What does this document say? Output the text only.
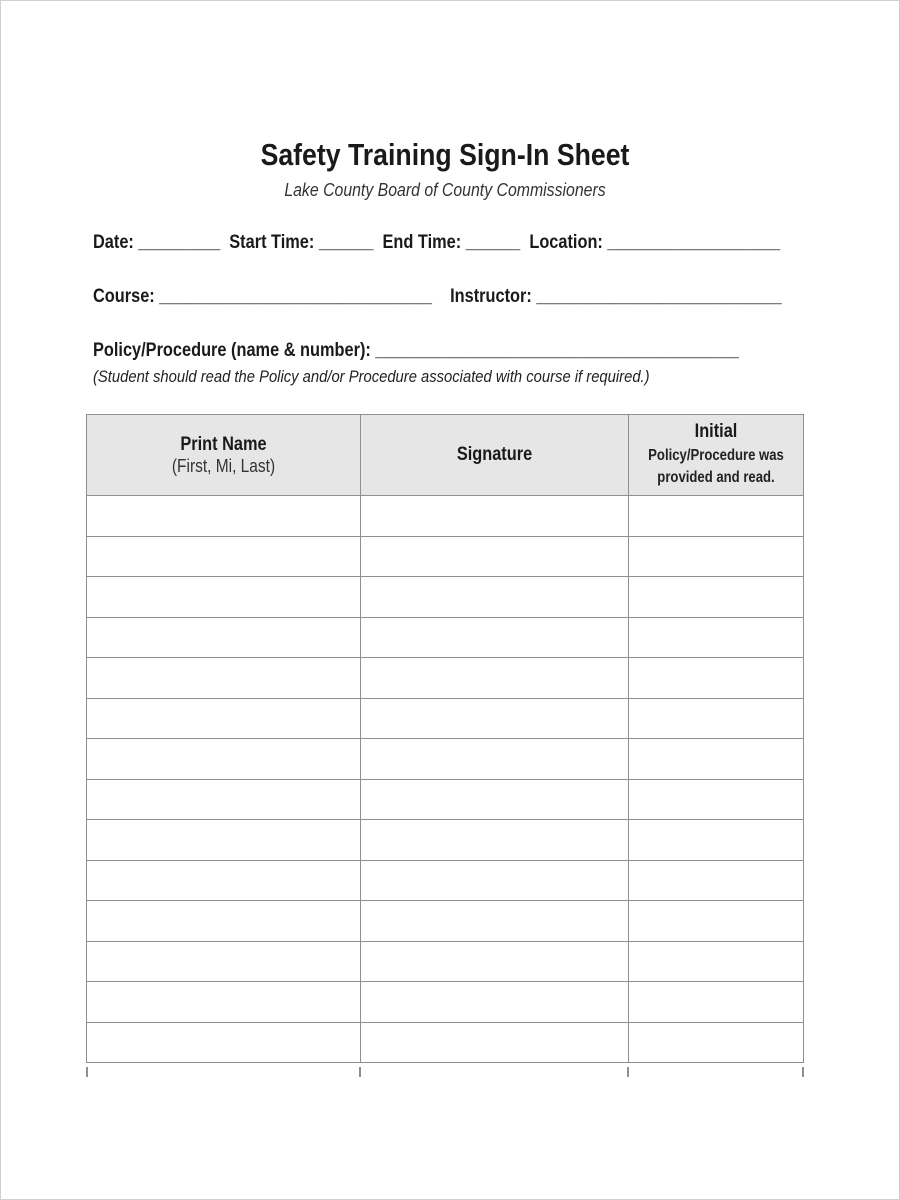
Safety Training Sign-In Sheet
Lake County Board of County Commissioners
Date: _________ Start Time: ______ End Time: ______ Location: ___________________
Course: ______________________________ Instructor: ___________________________
Policy/Procedure (name & number): ________________________________________
(Student should read the Policy and/or Procedure associated with course if required.)
Print Name
(First, Mi, Last)	Signature	Initial
Policy/Procedure was
provided and read.
